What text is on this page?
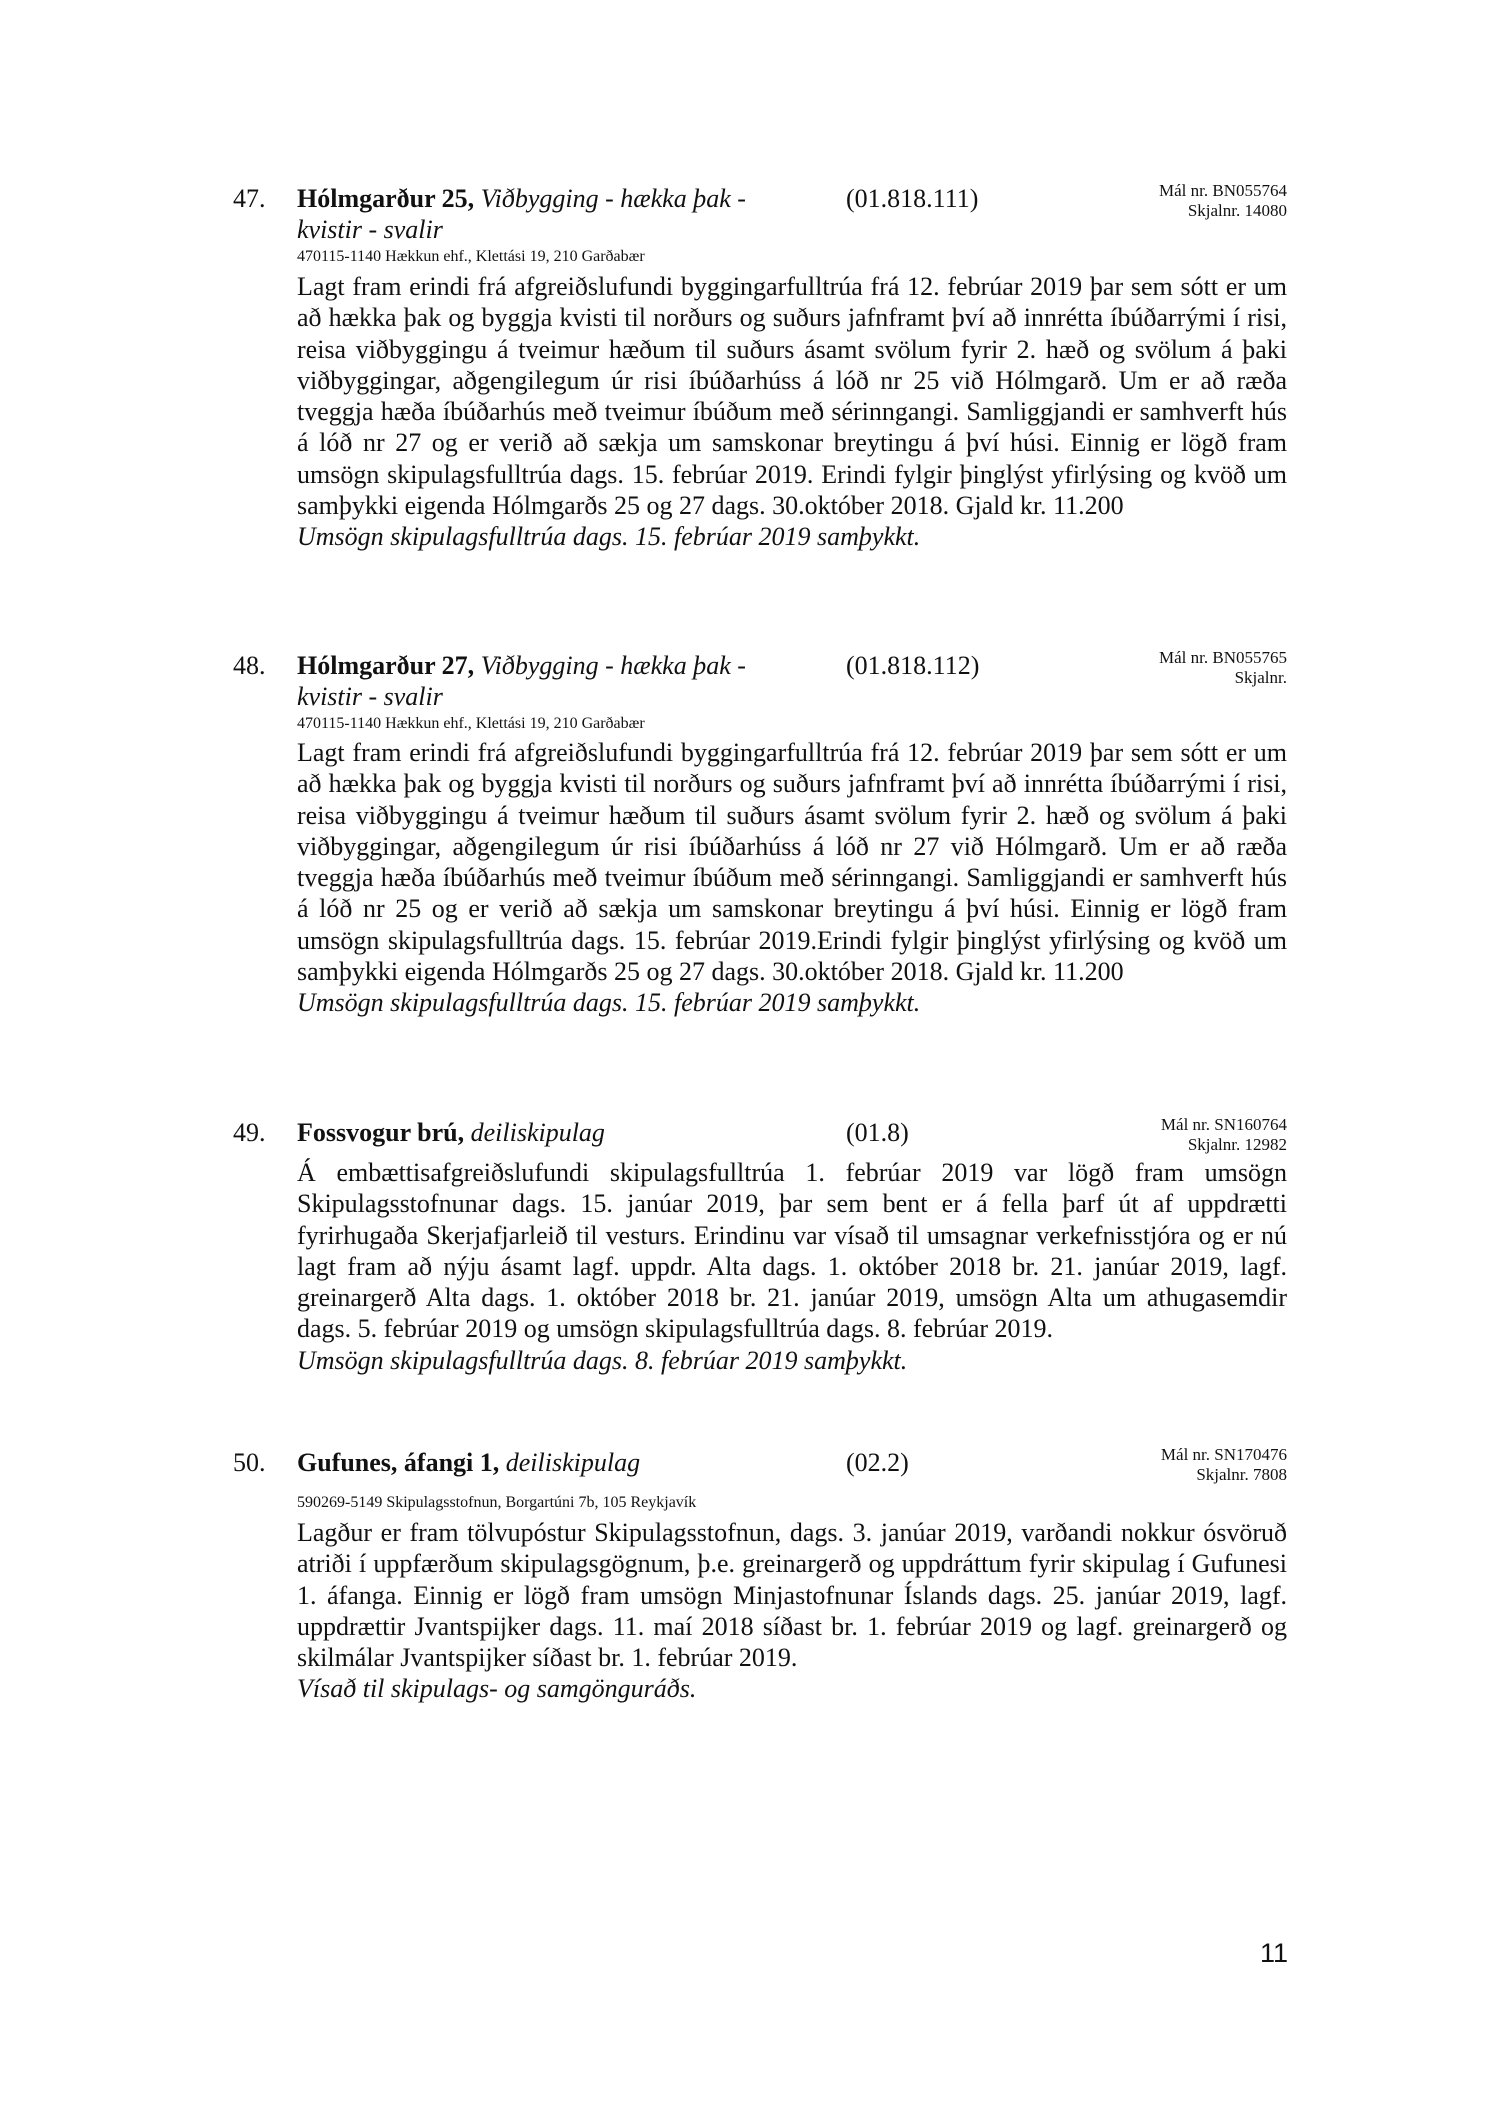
47. Hólmgarður 25, Viðbygging - hækka þak - kvistir - svalir
(01.818.111)	Mál nr. BN055764
Skjalnr. 14080
470115-1140 Hækkun ehf., Klettási 19, 210 Garðabær
Lagt fram erindi frá afgreiðslufundi byggingarfulltrúa frá 12. febrúar 2019 þar sem sótt er um að hækka þak og byggja kvisti til norðurs og suðurs jafnframt því að innrétta íbúðarrými í risi, reisa viðbyggingu á tveimur hæðum til suðurs ásamt svölum fyrir 2. hæð og svölum á þaki viðbyggingar, aðgengilegum úr risi íbúðarhúss á lóð nr 25 við Hólmgarð. Um er að ræða tveggja hæða íbúðarhús með tveimur íbúðum með sérinngangi. Samliggjandi er samhverft hús á lóð nr 27 og er verið að sækja um samskonar breytingu á því húsi. Einnig er lögð fram umsögn skipulagsfulltrúa dags. 15. febrúar 2019. Erindi fylgir þinglýst yfirlýsing og kvöð um samþykki eigenda Hólmgarðs 25 og 27 dags. 30.október 2018. Gjald kr. 11.200
Umsögn skipulagsfulltrúa dags. 15. febrúar 2019 samþykkt.
48. Hólmgarður 27, Viðbygging - hækka þak - kvistir - svalir
(01.818.112)	Mál nr. BN055765
Skjalnr.
470115-1140 Hækkun ehf., Klettási 19, 210 Garðabær
Lagt fram erindi frá afgreiðslufundi byggingarfulltrúa frá 12. febrúar 2019 þar sem sótt er um að hækka þak og byggja kvisti til norðurs og suðurs jafnframt því að innrétta íbúðarrými í risi, reisa viðbyggingu á tveimur hæðum til suðurs ásamt svölum fyrir 2. hæð og svölum á þaki viðbyggingar, aðgengilegum úr risi íbúðarhúss á lóð nr 27 við Hólmgarð. Um er að ræða tveggja hæða íbúðarhús með tveimur íbúðum með sérinngangi. Samliggjandi er samhverft hús á lóð nr 25 og er verið að sækja um samskonar breytingu á því húsi. Einnig er lögð fram umsögn skipulagsfulltrúa dags. 15. febrúar 2019.Erindi fylgir þinglýst yfirlýsing og kvöð um samþykki eigenda Hólmgarðs 25 og 27 dags. 30.október 2018. Gjald kr. 11.200
Umsögn skipulagsfulltrúa dags. 15. febrúar 2019 samþykkt.
49. Fossvogur brú, deiliskipulag	(01.8)	Mál nr. SN160764
Skjalnr. 12982
Á embættisafgreiðslufundi skipulagsfulltrúa 1. febrúar 2019 var lögð fram umsögn Skipulagsstofnunar dags. 15. janúar 2019, þar sem bent er á fella þarf út af uppdrætti fyrirhugaða Skerjafjarleið til vesturs. Erindinu var vísað til umsagnar verkefnisstjóra og er nú lagt fram að nýju ásamt lagf. uppdr. Alta dags. 1. október 2018 br. 21. janúar 2019, lagf. greinargerð Alta dags. 1. október 2018 br. 21. janúar 2019, umsögn Alta um athugasemdir dags. 5. febrúar 2019 og umsögn skipulagsfulltrúa dags. 8. febrúar 2019.
Umsögn skipulagsfulltrúa dags. 8. febrúar 2019 samþykkt.
50. Gufunes, áfangi 1, deiliskipulag	(02.2)	Mál nr. SN170476
Skjalnr. 7808
590269-5149 Skipulagsstofnun, Borgartúni 7b, 105 Reykjavík
Lagður er fram tölvupóstur Skipulagsstofnun, dags. 3. janúar 2019, varðandi nokkur ósvöruð atriði í uppfærðum skipulagsgögnum, þ.e. greinargerð og uppdráttum fyrir skipulag í Gufunesi 1. áfanga. Einnig er lögð fram umsögn Minjastofnunar Íslands dags. 25. janúar 2019, lagf. uppdrættir Jvantspijker dags. 11. maí 2018 síðast br. 1. febrúar 2019 og lagf. greinargerð og skilmálar Jvantspijker síðast br. 1. febrúar 2019.
Vísað til skipulags- og samgönguráðs.
11
